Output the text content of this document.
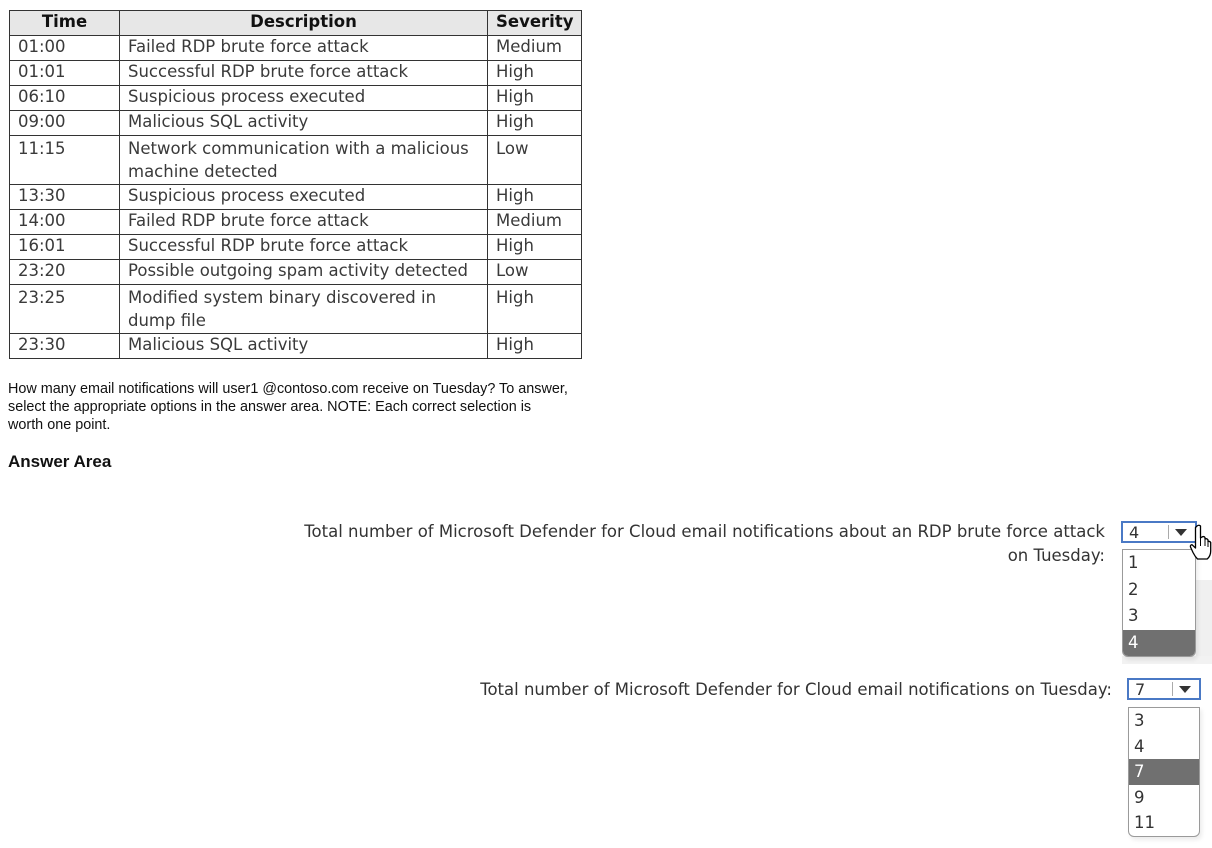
Time	Description	Severity
01:00	Failed RDP brute force attack	Medium
01:01	Successful RDP brute force attack	High
06:10	Suspicious process executed	High
09:00	Malicious SQL activity	High
11:15	Network communication with a malicious machine detected	Low
13:30	Suspicious process executed	High
14:00	Failed RDP brute force attack	Medium
16:01	Successful RDP brute force attack	High
23:20	Possible outgoing spam activity detected	Low
23:25	Modified system binary discovered in dump file	High
23:30	Malicious SQL activity	High

How many email notifications will user1 @contoso.com receive on Tuesday? To answer, select the appropriate options in the answer area. NOTE: Each correct selection is worth one point.

Answer Area
Total number of Microsoft Defender for Cloud email notifications about an RDP brute force attack on Tuesday:
4
1
2
3
4
Total number of Microsoft Defender for Cloud email notifications on Tuesday: 7
3
4
7
9
11
